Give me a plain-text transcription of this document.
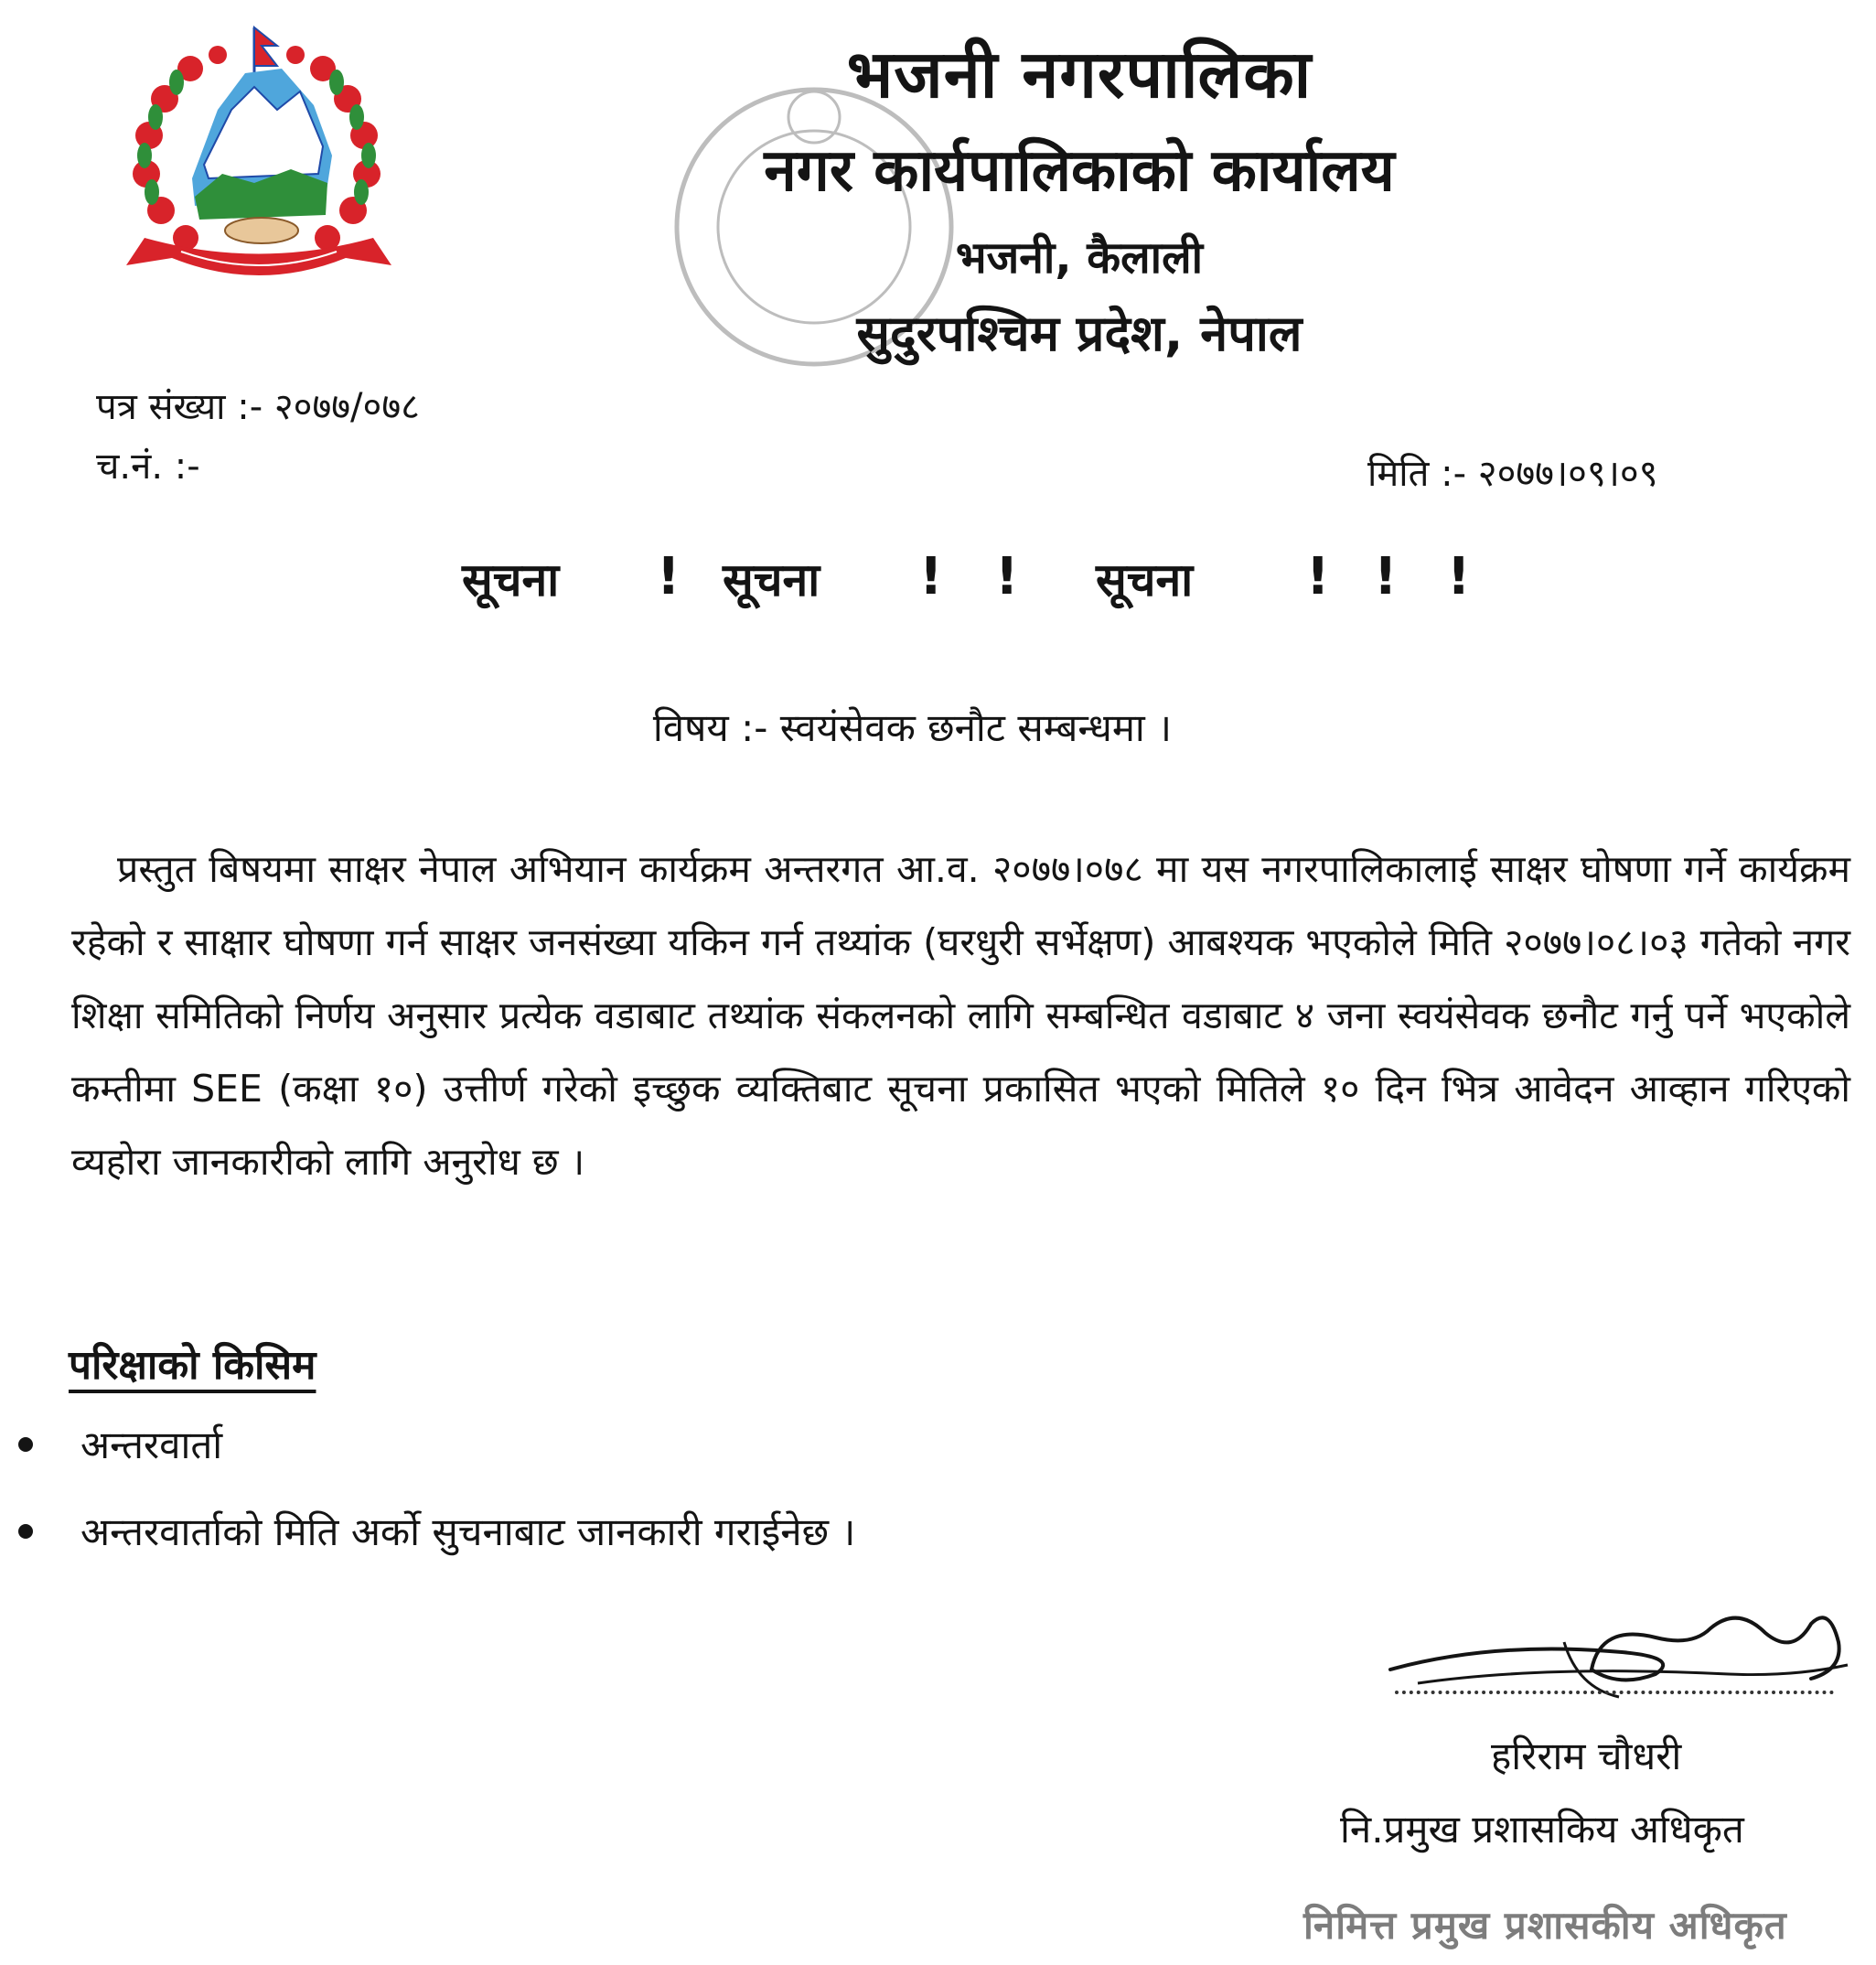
भजनी नगरपालिका
नगर कार्यपालिकाको कार्यालय
भजनी, कैलाली
सुदुरपश्चिम प्रदेश, नेपाल
पत्र संख्या :- २०७७/०७८
च.नं. :-	मिति :- २०७७।०९।०९
सूचना ! सूचना ! ! सूचना ! ! !
विषय :- स्वयंसेवक छनौट सम्बन्धमा ।
प्रस्तुत बिषयमा साक्षर नेपाल अभियान कार्यक्रम अन्तरगत आ.व. २०७७।०७८ मा यस नगरपालिकालाई साक्षर घोषणा गर्ने कार्यक्रम रहेको र साक्षार घोषणा गर्न साक्षर जनसंख्या यकिन गर्न तथ्यांक (घरधुरी सर्भेक्षण) आबश्यक भएकोले मिति २०७७।०८।०३ गतेको नगर शिक्षा समितिको निर्णय अनुसार प्रत्येक वडाबाट तथ्यांक संकलनको लागि सम्बन्धित वडाबाट ४ जना स्वयंसेवक छनौट गर्नु पर्ने भएकोले कम्तीमा SEE (कक्षा १०) उत्तीर्ण गरेको इच्छुक व्यक्तिबाट सूचना प्रकासित भएको मितिले १० दिन भित्र आवेदन आव्हान गरिएको व्यहोरा जानकारीको लागि अनुरोध छ ।
परिक्षाको किसिम
अन्तरवार्ता
अन्तरवार्ताको मिति अर्को सुचनाबाट जानकारी गराईनेछ ।
हरिराम चौधरी
नि.प्रमुख प्रशासकिय अधिकृत
निमित्त प्रमुख प्रशासकीय अधिकृत
